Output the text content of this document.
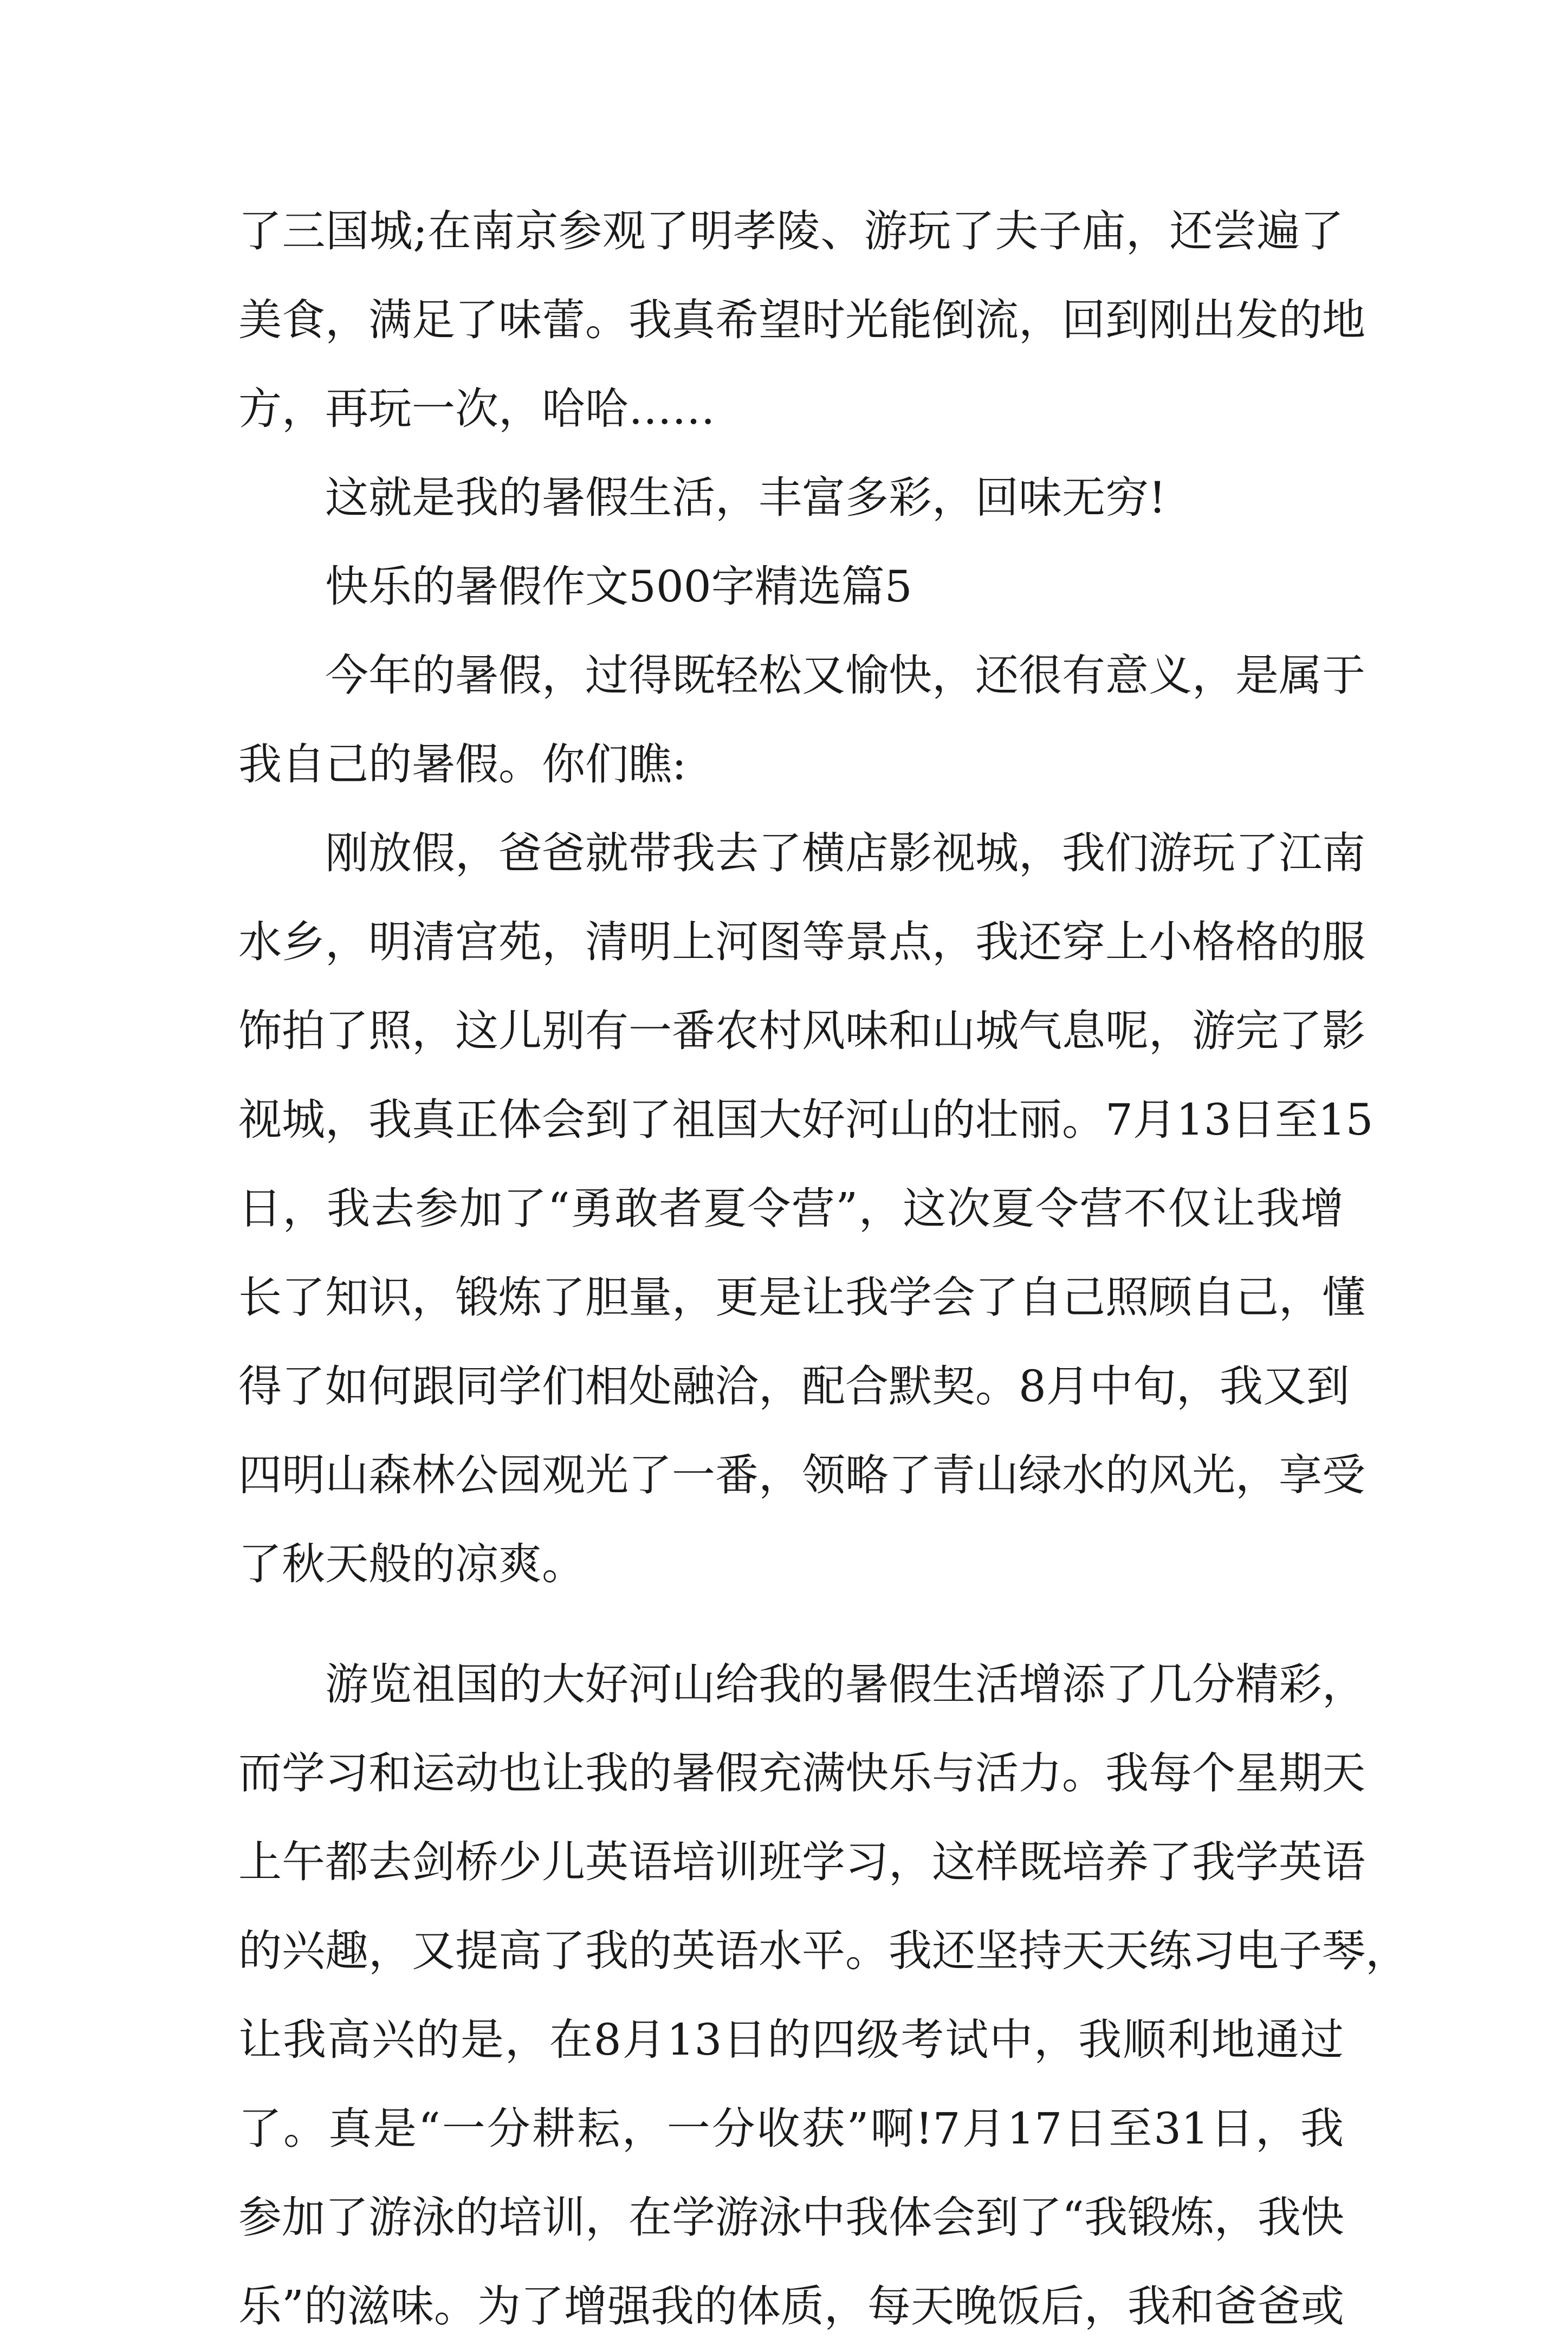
了三国城;在南京参观了明孝陵、游玩了夫子庙，还尝遍了
美食，满足了味蕾。我真希望时光能倒流，回到刚出发的地
方，再玩一次，哈哈……
这就是我的暑假生活，丰富多彩，回味无穷!
快乐的暑假作文500字精选篇5
今年的暑假，过得既轻松又愉快，还很有意义，是属于
我自己的暑假。你们瞧:
刚放假，爸爸就带我去了横店影视城，我们游玩了江南
水乡，明清宫苑，清明上河图等景点，我还穿上小格格的服
饰拍了照，这儿别有一番农村风味和山城气息呢，游完了影
视城，我真正体会到了祖国大好河山的壮丽。7月13日至15
日，我去参加了“勇敢者夏令营”，这次夏令营不仅让我增
长了知识，锻炼了胆量，更是让我学会了自己照顾自己，懂
得了如何跟同学们相处融洽，配合默契。8月中旬，我又到
四明山森林公园观光了一番，领略了青山绿水的风光，享受
了秋天般的凉爽。
游览祖国的大好河山给我的暑假生活增添了几分精彩，
而学习和运动也让我的暑假充满快乐与活力。我每个星期天
上午都去剑桥少儿英语培训班学习，这样既培养了我学英语
的兴趣，又提高了我的英语水平。我还坚持天天练习电子琴，
让我高兴的是，在8月13日的四级考试中，我顺利地通过
了。真是“一分耕耘，一分收获”啊!7月17日至31日，我
参加了游泳的培训，在学游泳中我体会到了“我锻炼，我快
乐”的滋味。为了增强我的体质，每天晚饭后，我和爸爸或
